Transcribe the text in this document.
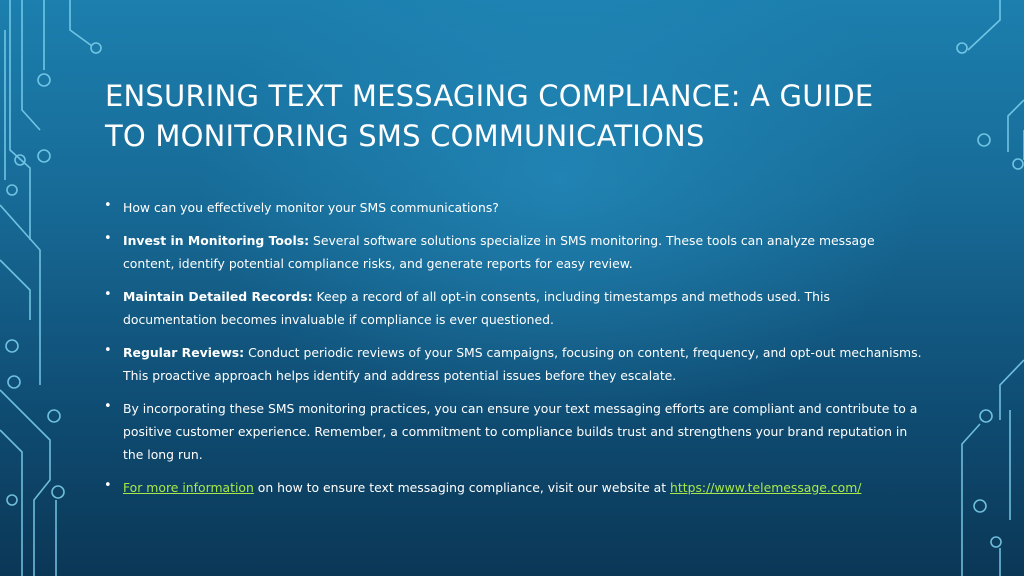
ENSURING TEXT MESSAGING COMPLIANCE: A GUIDE TO MONITORING SMS COMMUNICATIONS
• How can you effectively monitor your SMS communications?
• Invest in Monitoring Tools: Several software solutions specialize in SMS monitoring. These tools can analyze message content, identify potential compliance risks, and generate reports for easy review.
• Maintain Detailed Records: Keep a record of all opt-in consents, including timestamps and methods used. This documentation becomes invaluable if compliance is ever questioned.
• Regular Reviews: Conduct periodic reviews of your SMS campaigns, focusing on content, frequency, and opt-out mechanisms. This proactive approach helps identify and address potential issues before they escalate.
• By incorporating these SMS monitoring practices, you can ensure your text messaging efforts are compliant and contribute to a positive customer experience. Remember, a commitment to compliance builds trust and strengthens your brand reputation in the long run.
• For more information on how to ensure text messaging compliance, visit our website at https://www.telemessage.com/
